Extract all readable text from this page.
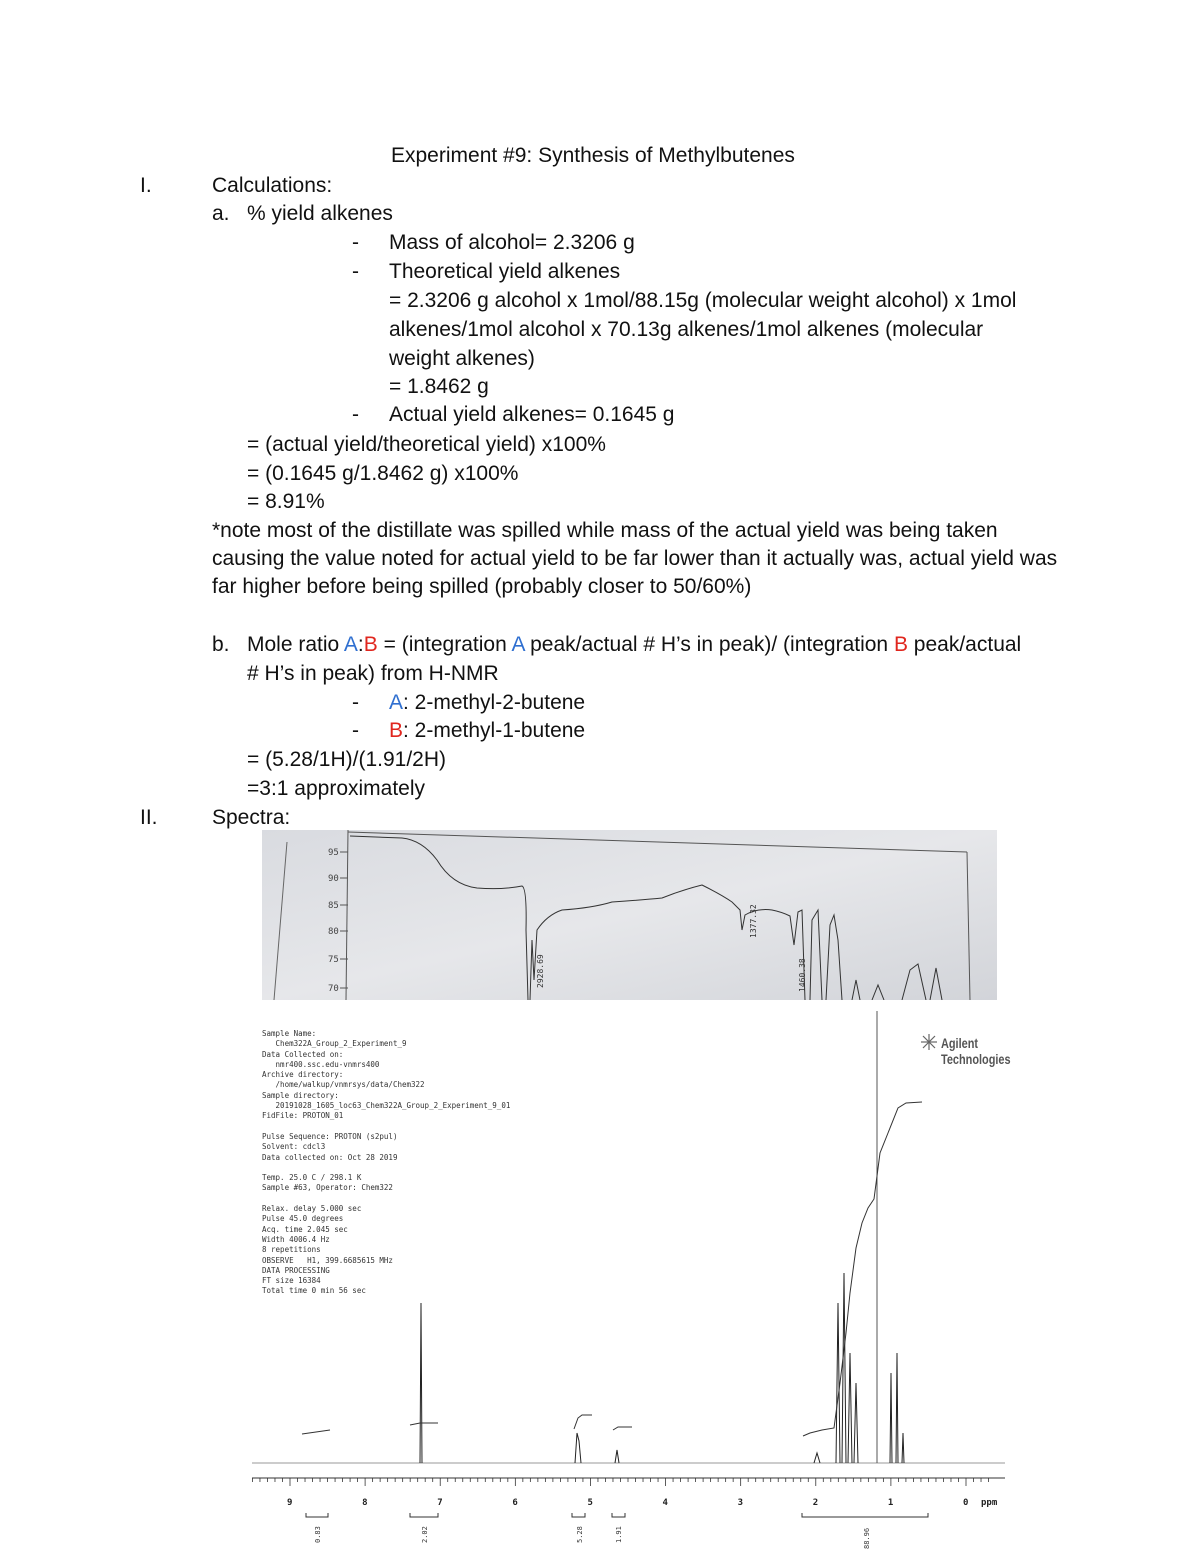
Experiment #9: Synthesis of Methylbutenes
I.	Calculations:
a. % yield alkenes
- Mass of alcohol= 2.3206 g
- Theoretical yield alkenes
= 2.3206 g alcohol x 1mol/88.15g (molecular weight alcohol) x 1mol
alkenes/1mol alcohol x 70.13g alkenes/1mol alkenes (molecular
weight alkenes)
= 1.8462 g
- Actual yield alkenes= 0.1645 g
= (actual yield/theoretical yield) x100%
= (0.1645 g/1.8462 g) x100%
= 8.91%
*note most of the distillate was spilled while mass of the actual yield was being taken causing the value noted for actual yield to be far lower than it actually was, actual yield was far higher before being spilled (probably closer to 50/60%)
b. Mole ratio A:B = (integration A peak/actual # H’s in peak)/ (integration B peak/actual
# H’s in peak) from H-NMR
- A: 2-methyl-2-butene
- B: 2-methyl-1-butene
= (5.28/1H)/(1.91/2H)
=3:1 approximately
II.	Spectra:
95
90
85
80
75
70
2928.69
1377.32
1460.38
Sample Name:
Chem322A_Group_2_Experiment_9
Data Collected on:
nmr400.ssc.edu-vnmrs400
Archive directory:
/home/walkup/vnmrsys/data/Chem322
Sample directory:
20191028_1605_loc63_Chem322A_Group_2_Experiment_9_01
FidFile: PROTON_01

Pulse Sequence: PROTON (s2pul)
Solvent: cdcl3
Data collected on: Oct 28 2019

Temp. 25.0 C / 298.1 K
Sample #63, Operator: Chem322

Relax. delay 5.000 sec
Pulse 45.0 degrees
Acq. time 2.045 sec
Width 4006.4 Hz
8 repetitions
OBSERVE   H1, 399.6685615 MHz
DATA PROCESSING
FT size 16384
Total time 0 min 56 sec
Agilent Technologies
9	8	7	6	5	4	3	2	1	0 ppm
0.83	2.02	5.28	1.91	88.96
